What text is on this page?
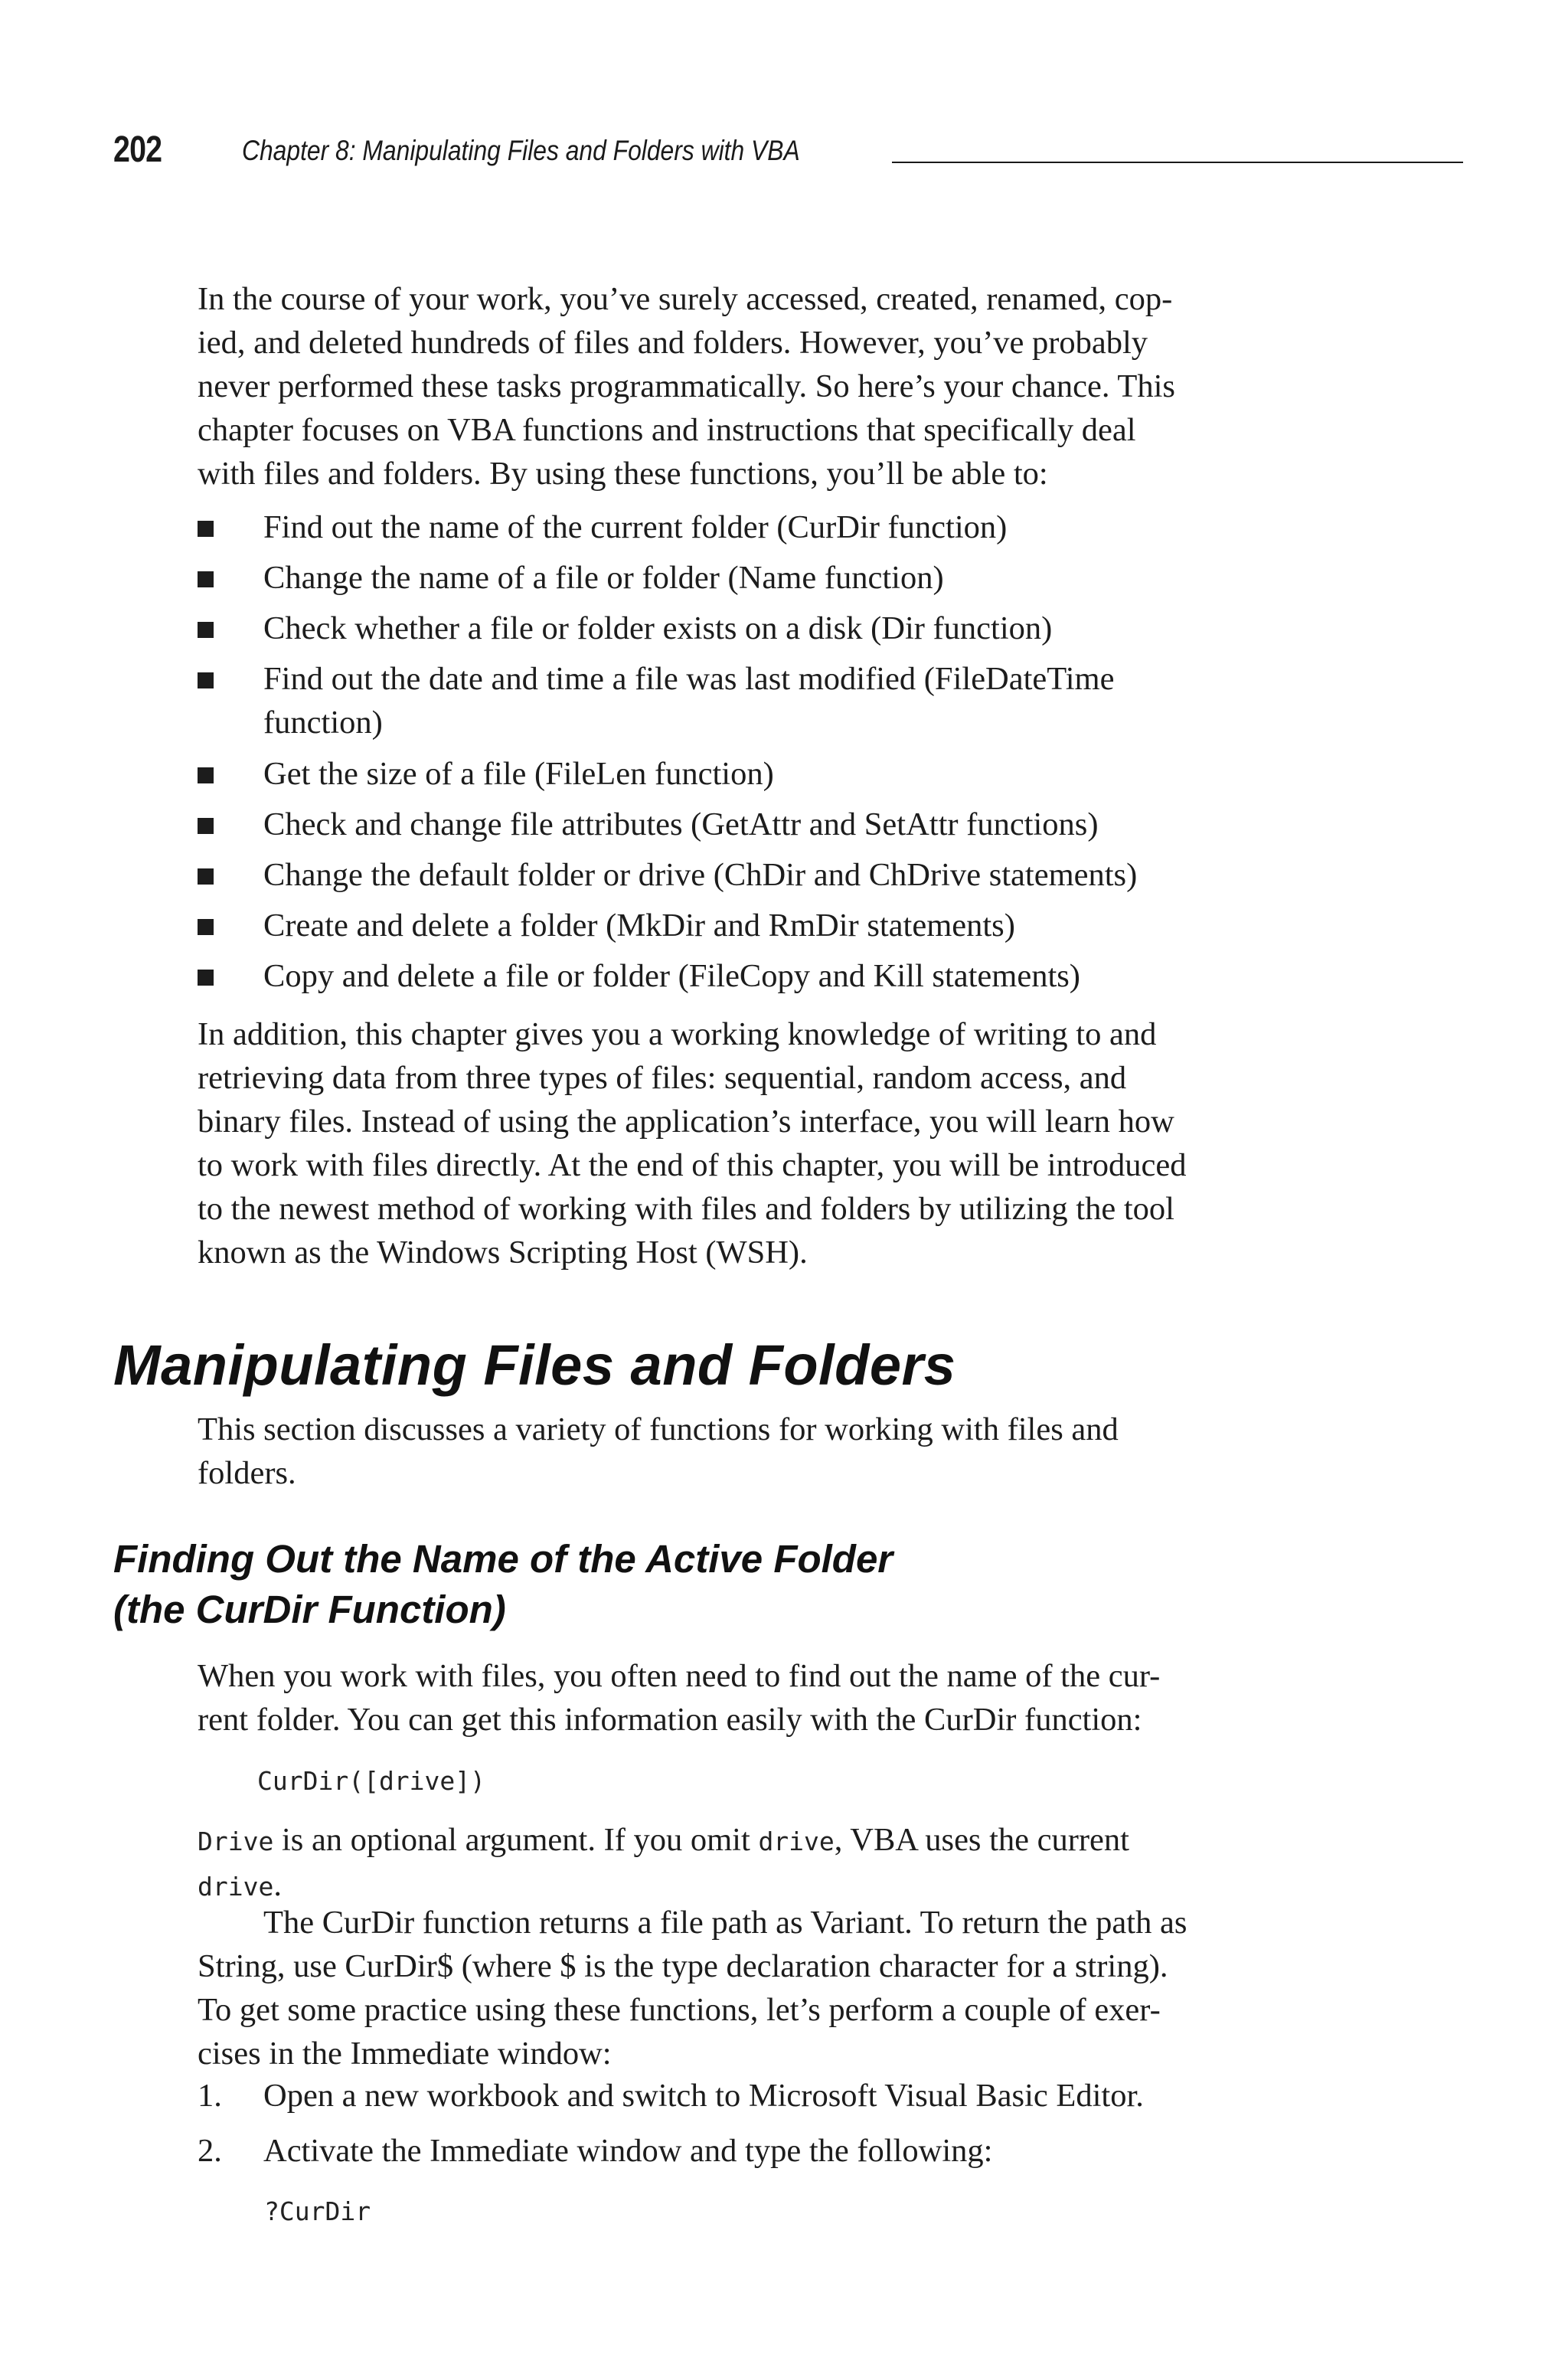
202	Chapter 8: Manipulating Files and Folders with VBA

In the course of your work, you’ve surely accessed, created, renamed, cop-
ied, and deleted hundreds of files and folders. However, you’ve probably
never performed these tasks programmatically. So here’s your chance. This
chapter focuses on VBA functions and instructions that specifically deal
with files and folders. By using these functions, you’ll be able to:

Find out the name of the current folder (CurDir function)
Change the name of a file or folder (Name function)
Check whether a file or folder exists on a disk (Dir function)
Find out the date and time a file was last modified (FileDateTime
function)
Get the size of a file (FileLen function)
Check and change file attributes (GetAttr and SetAttr functions)
Change the default folder or drive (ChDir and ChDrive statements)
Create and delete a folder (MkDir and RmDir statements)
Copy and delete a file or folder (FileCopy and Kill statements)

In addition, this chapter gives you a working knowledge of writing to and
retrieving data from three types of files: sequential, random access, and
binary files. Instead of using the application’s interface, you will learn how
to work with files directly. At the end of this chapter, you will be introduced
to the newest method of working with files and folders by utilizing the tool
known as the Windows Scripting Host (WSH).

Manipulating Files and Folders

This section discusses a variety of functions for working with files and
folders.

Finding Out the Name of the Active Folder
(the CurDir Function)

When you work with files, you often need to find out the name of the cur-
rent folder. You can get this information easily with the CurDir function:

CurDir([drive])

Drive is an optional argument. If you omit drive, VBA uses the current
drive.

The CurDir function returns a file path as Variant. To return the path as
String, use CurDir$ (where $ is the type declaration character for a string).
To get some practice using these functions, let’s perform a couple of exer-
cises in the Immediate window:

1. Open a new workbook and switch to Microsoft Visual Basic Editor.
2. Activate the Immediate window and type the following:
?CurDir
